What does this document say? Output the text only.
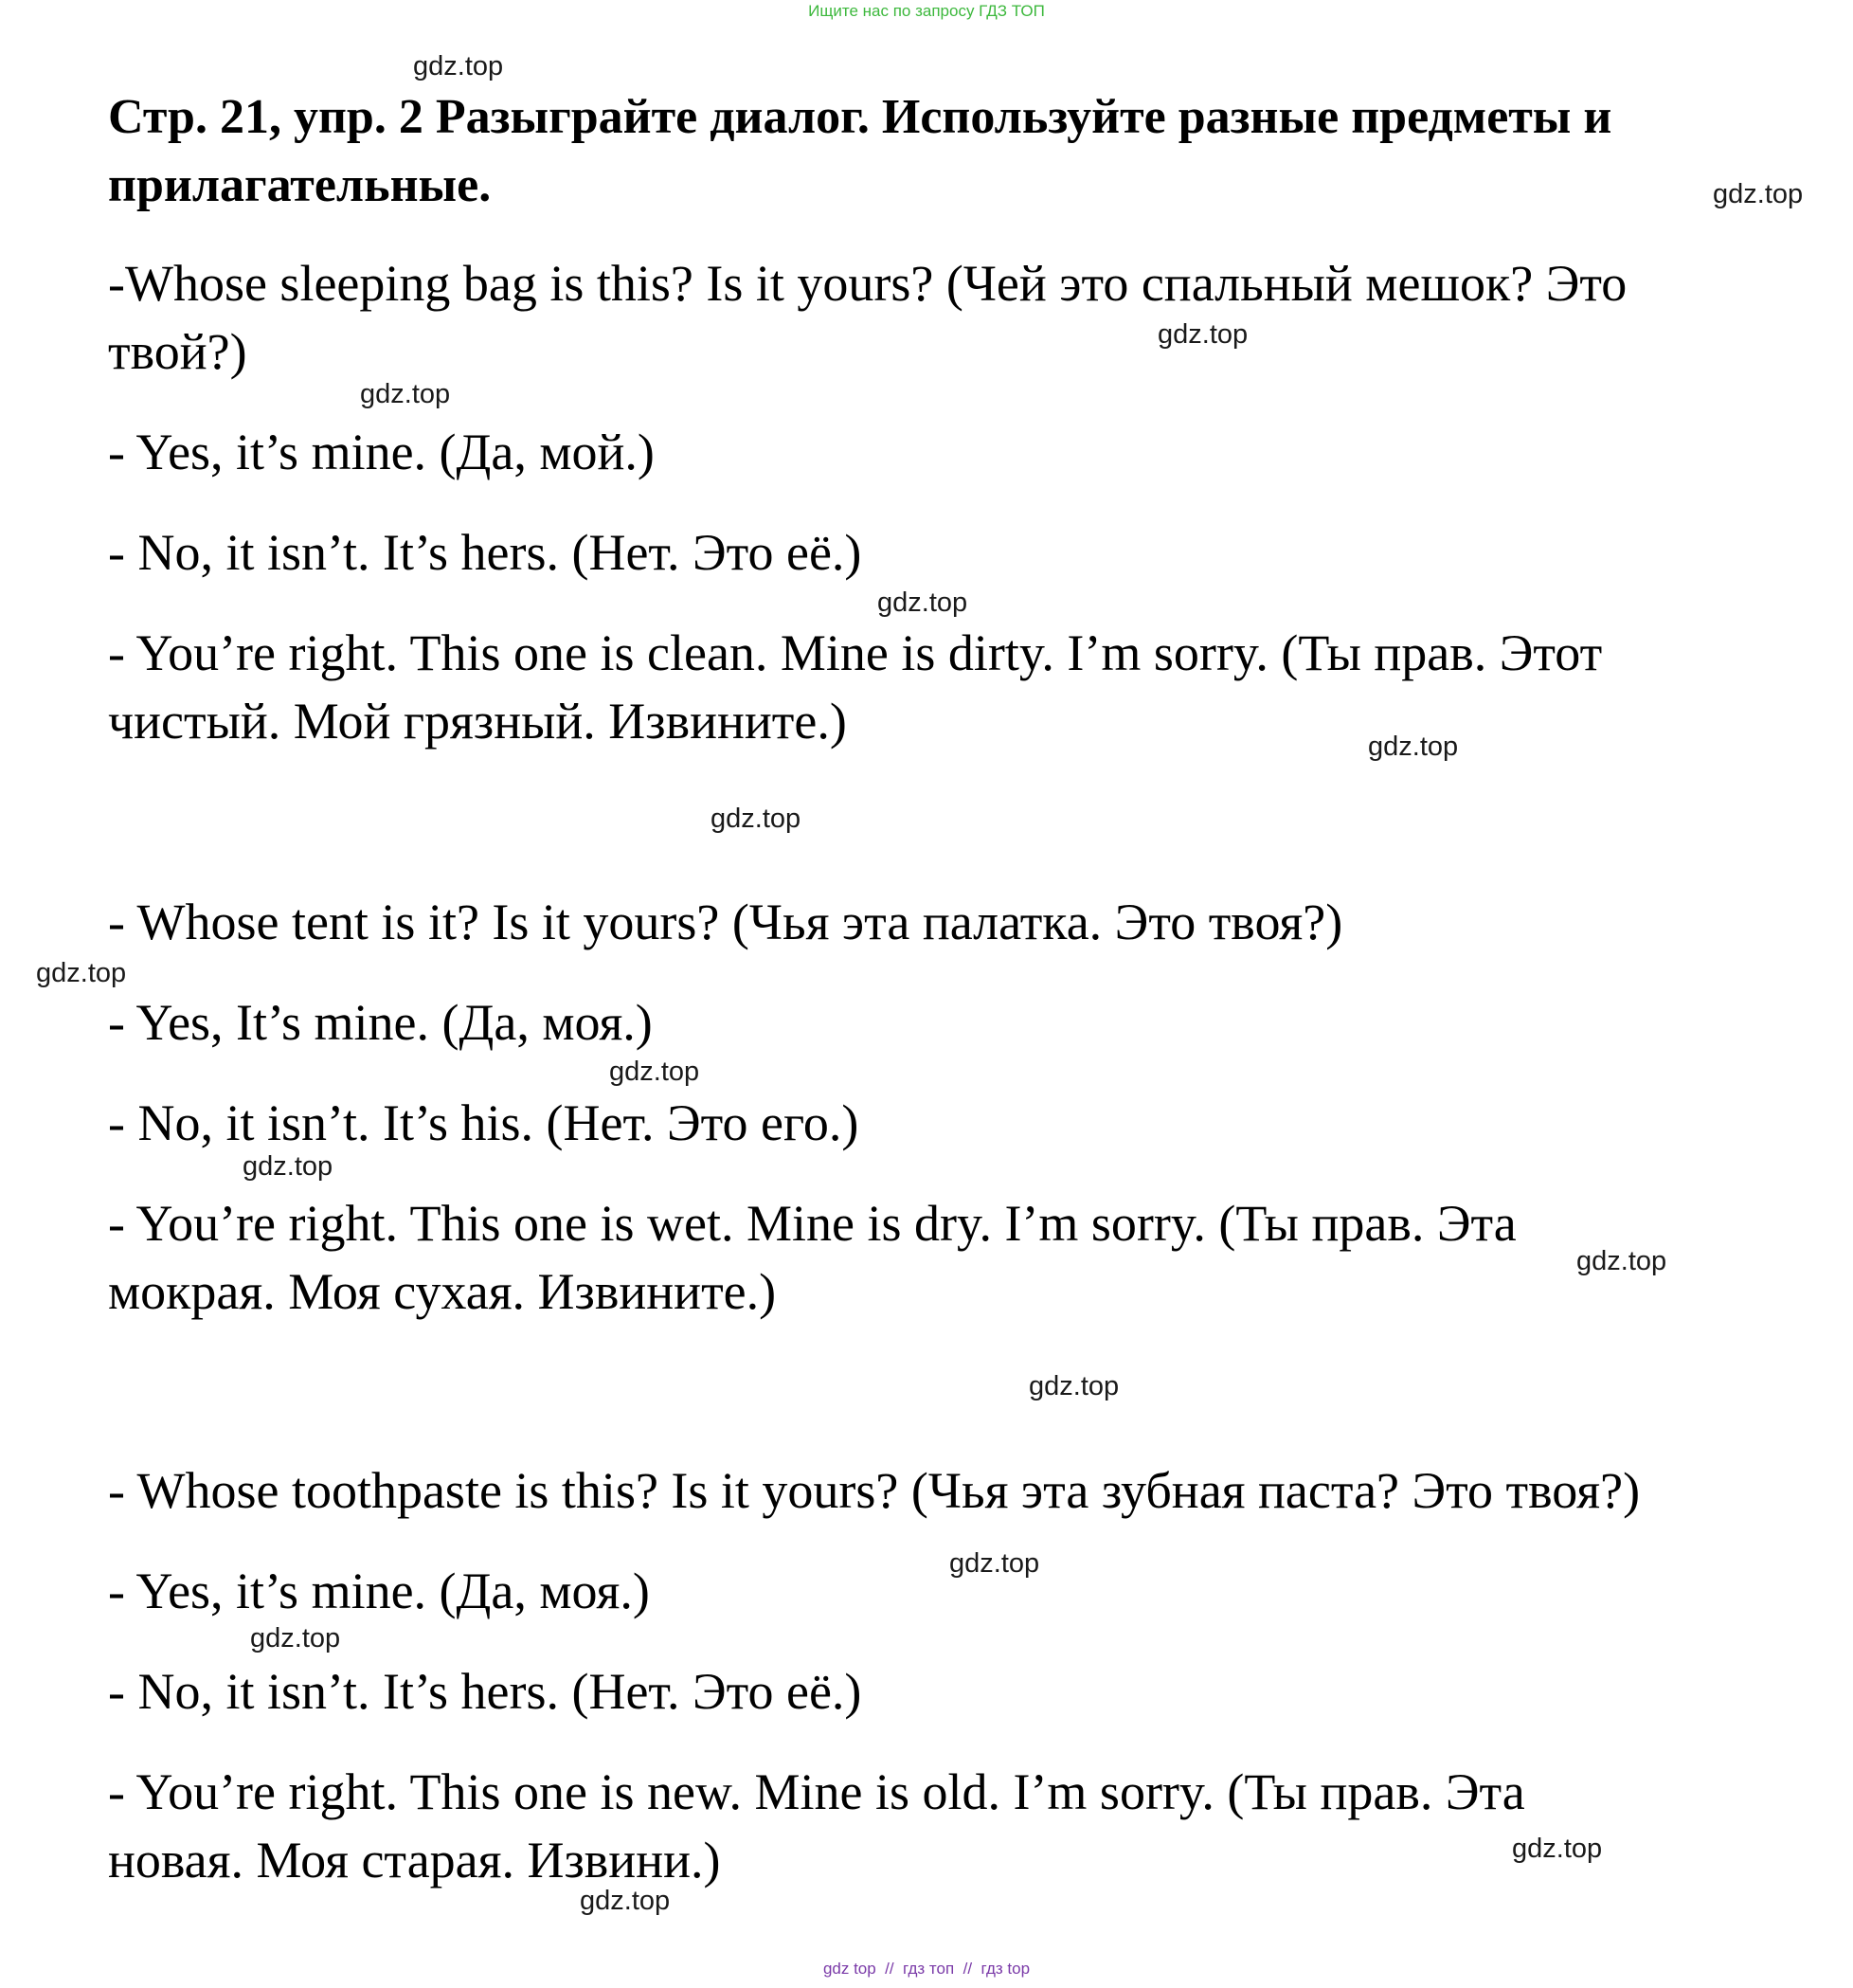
Ищите нас по запросу ГДЗ ТОП
Стр. 21, упр. 2 Разыграйте диалог. Используйте разные предметы и прилагательные.

-Whose sleeping bag is this? Is it yours? (Чей это спальный мешок? Это

твой?)

- Yes, it’s mine. (Да, мой.)

- No, it isn’t. It’s hers. (Нет. Это её.)

- You’re right. This one is clean. Mine is dirty. I’m sorry. (Ты прав. Этот

чистый. Мой грязный. Извините.)

- Whose tent is it? Is it yours? (Чья эта палатка. Это твоя?)

- Yes, It’s mine. (Да, моя.)

- No, it isn’t. It’s his. (Нет. Это его.)

- You’re right. This one is wet. Mine is dry. I’m sorry. (Ты прав. Эта

мокрая. Моя сухая. Извините.)

- Whose toothpaste is this? Is it yours? (Чья эта зубная паста? Это твоя?)

- Yes, it’s mine. (Да, моя.)

- No, it isn’t. It’s hers. (Нет. Это её.)

- You’re right. This one is new. Mine is old. I’m sorry. (Ты прав. Эта

новая. Моя старая. Извини.)

gdz.top
gdz.top
gdz.top
gdz.top
gdz.top
gdz.top
gdz.top
gdz.top
gdz.top
gdz.top
gdz.top
gdz.top
gdz.top
gdz.top
gdz.top
gdz.top
gdz top  //  гдз топ  //  гдз top
